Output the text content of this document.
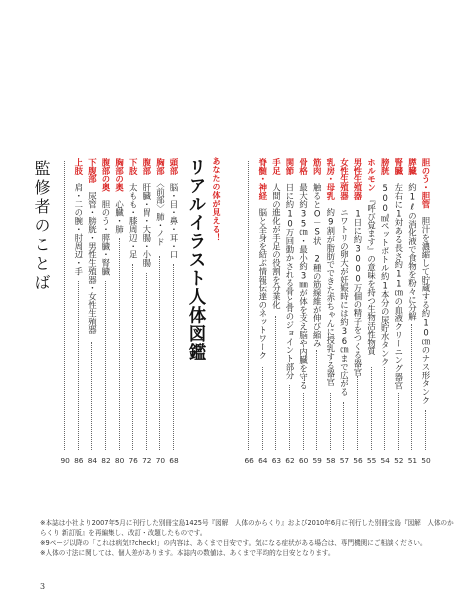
胆のう・胆管　胆汁を濃縮して貯蔵する約10㎝のナス形タンク
50
膵臓　約1ℓの消化液で食物を粉々に分解
51
腎臓　左右に1対ある長さ約11㎝の血液クリーニング器官
52
膀胱　500㎖ペットボトル約1本分の尿貯水タンク
54
ホルモン　『呼び覚ます』の意味を持つ生物活性物質
55
男性生殖器　1日に約3000万個の精子をつくる器官
56
女性生殖器　ニワトリの卵大が妊娠時には約36㎝まで広がる
57
乳房・母乳　約9割が脂肪でできた赤ちゃんに授乳する器官
58
筋肉　触るとO－S状　2種の筋線維が伸び縮み
59
骨格　最大約35㎝・最小約3㎜が体を支え脳や内臓を守る
60
関節　日に約10万回動かされる骨と骨のジョイント部分
62
手足　人間の進化が手足の役割を分業化
63
脊髄・神経　脳と全身を結ぶ情報伝達のネットワーク
64
66
頭部　脳・目・鼻・耳・口
68
胸部　〈前部〉肺・ノド
70
腹部　肝臓・胃・大腸・小腸
72
下肢　太もも・膝周辺・足
76
胸部の奥　心臓・肺
80
腹部の奥　胆のう・膵臓・腎臓
82
下腹部　尿管・膀胱・男性生殖器・女性生殖器
84
上肢　肩・二の腕・肘周辺・手
86
90
あなたの体が見える！
リアルイラスト人体図鑑
監修者のことば

※本誌は小社より2007年5月に刊行した別冊宝島1425号『図解　人体のからくり』および2010年6月に刊行した別冊宝島『図解　人体のからくり 新訂版』を再編集し、改訂・改題したものです。

※9ページ以降の「これは病気!?check!」の内容は、あくまで目安です。気になる症状がある場合は、専門機関にご相談ください。

※人体の寸法に関しては、個人差があります。本誌内の数値は、あくまで平均的な目安となります。

3
